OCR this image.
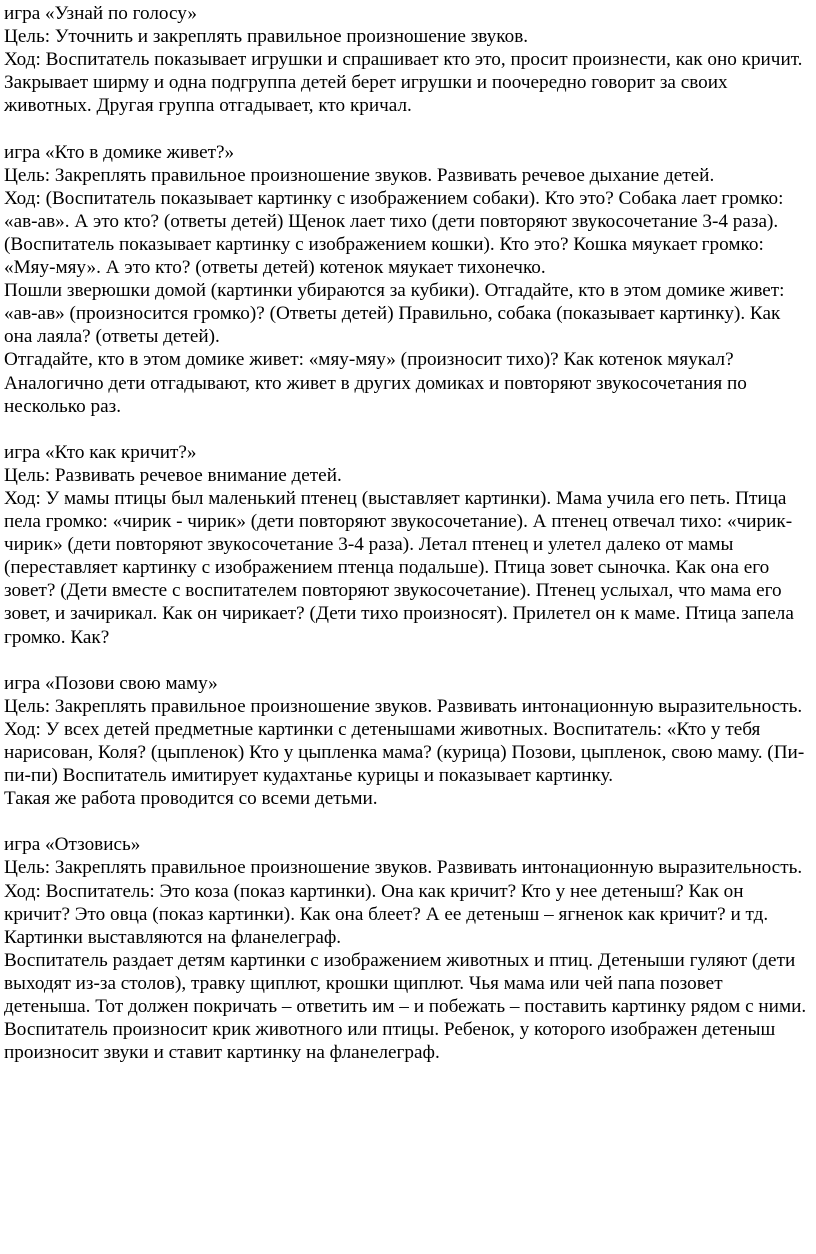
игра «Узнай по голосу»

Цель: Уточнить и закреплять правильное произношение звуков.

Ход: Воспитатель показывает игрушки и спрашивает кто это, просит произнести, как оно кричит. Закрывает ширму и одна подгруппа детей берет игрушки и поочередно говорит за своих животных. Другая группа отгадывает, кто кричал.

игра «Кто в домике живет?»

Цель: Закреплять правильное произношение звуков. Развивать речевое дыхание детей.

Ход: (Воспитатель показывает картинку с изображением собаки). Кто это? Собака лает громко: «ав-ав». А это кто? (ответы детей) Щенок лает тихо (дети повторяют звукосочетание 3-4 раза). (Воспитатель показывает картинку с изображением кошки). Кто это? Кошка мяукает громко: «Мяу-мяу». А это кто? (ответы детей) котенок мяукает тихонечко.

Пошли зверюшки домой (картинки убираются за кубики). Отгадайте, кто в этом домике живет: «ав-ав» (произносится громко)? (Ответы детей) Правильно, собака (показывает картинку). Как она лаяла? (ответы детей).

Отгадайте, кто в этом домике живет: «мяу-мяу» (произносит тихо)? Как котенок мяукал? Аналогично дети отгадывают, кто живет в других домиках и повторяют звукосочетания по несколько раз.

игра «Кто как кричит?»

Цель: Развивать речевое внимание детей.

Ход: У мамы птицы был маленький птенец (выставляет картинки). Мама учила его петь. Птица пела громко: «чирик - чирик» (дети повторяют звукосочетание). А птенец отвечал тихо: «чирик-чирик» (дети повторяют звукосочетание 3-4 раза). Летал птенец и улетел далеко от мамы (переставляет картинку с изображением птенца подальше). Птица зовет сыночка. Как она его зовет? (Дети вместе с воспитателем повторяют звукосочетание). Птенец услыхал, что мама его зовет, и зачирикал. Как он чирикает? (Дети тихо произносят). Прилетел он к маме. Птица запела громко. Как?

игра «Позови свою маму»

Цель: Закреплять правильное произношение звуков. Развивать интонационную выразительность.

Ход: У всех детей предметные картинки с детенышами животных. Воспитатель: «Кто у тебя нарисован, Коля? (цыпленок) Кто у цыпленка мама? (курица) Позови, цыпленок, свою маму. (Пи-пи-пи) Воспитатель имитирует кудахтанье курицы и показывает картинку.

Такая же работа проводится со всеми детьми.

игра «Отзовись»

Цель: Закреплять правильное произношение звуков. Развивать интонационную выразительность.

Ход: Воспитатель: Это коза (показ картинки). Она как кричит? Кто у нее детеныш? Как он кричит? Это овца (показ картинки). Как она блеет? А ее детеныш – ягненок как кричит? и тд. Картинки выставляются на фланелеграф.

Воспитатель раздает детям картинки с изображением животных и птиц. Детеныши гуляют (дети выходят из-за столов), травку щиплют, крошки щиплют. Чья мама или чей папа позовет детеныша. Тот должен покричать – ответить им – и побежать – поставить картинку рядом с ними.

Воспитатель произносит крик животного или птицы. Ребенок, у которого изображен детеныш произносит звуки и ставит картинку на фланелеграф.
